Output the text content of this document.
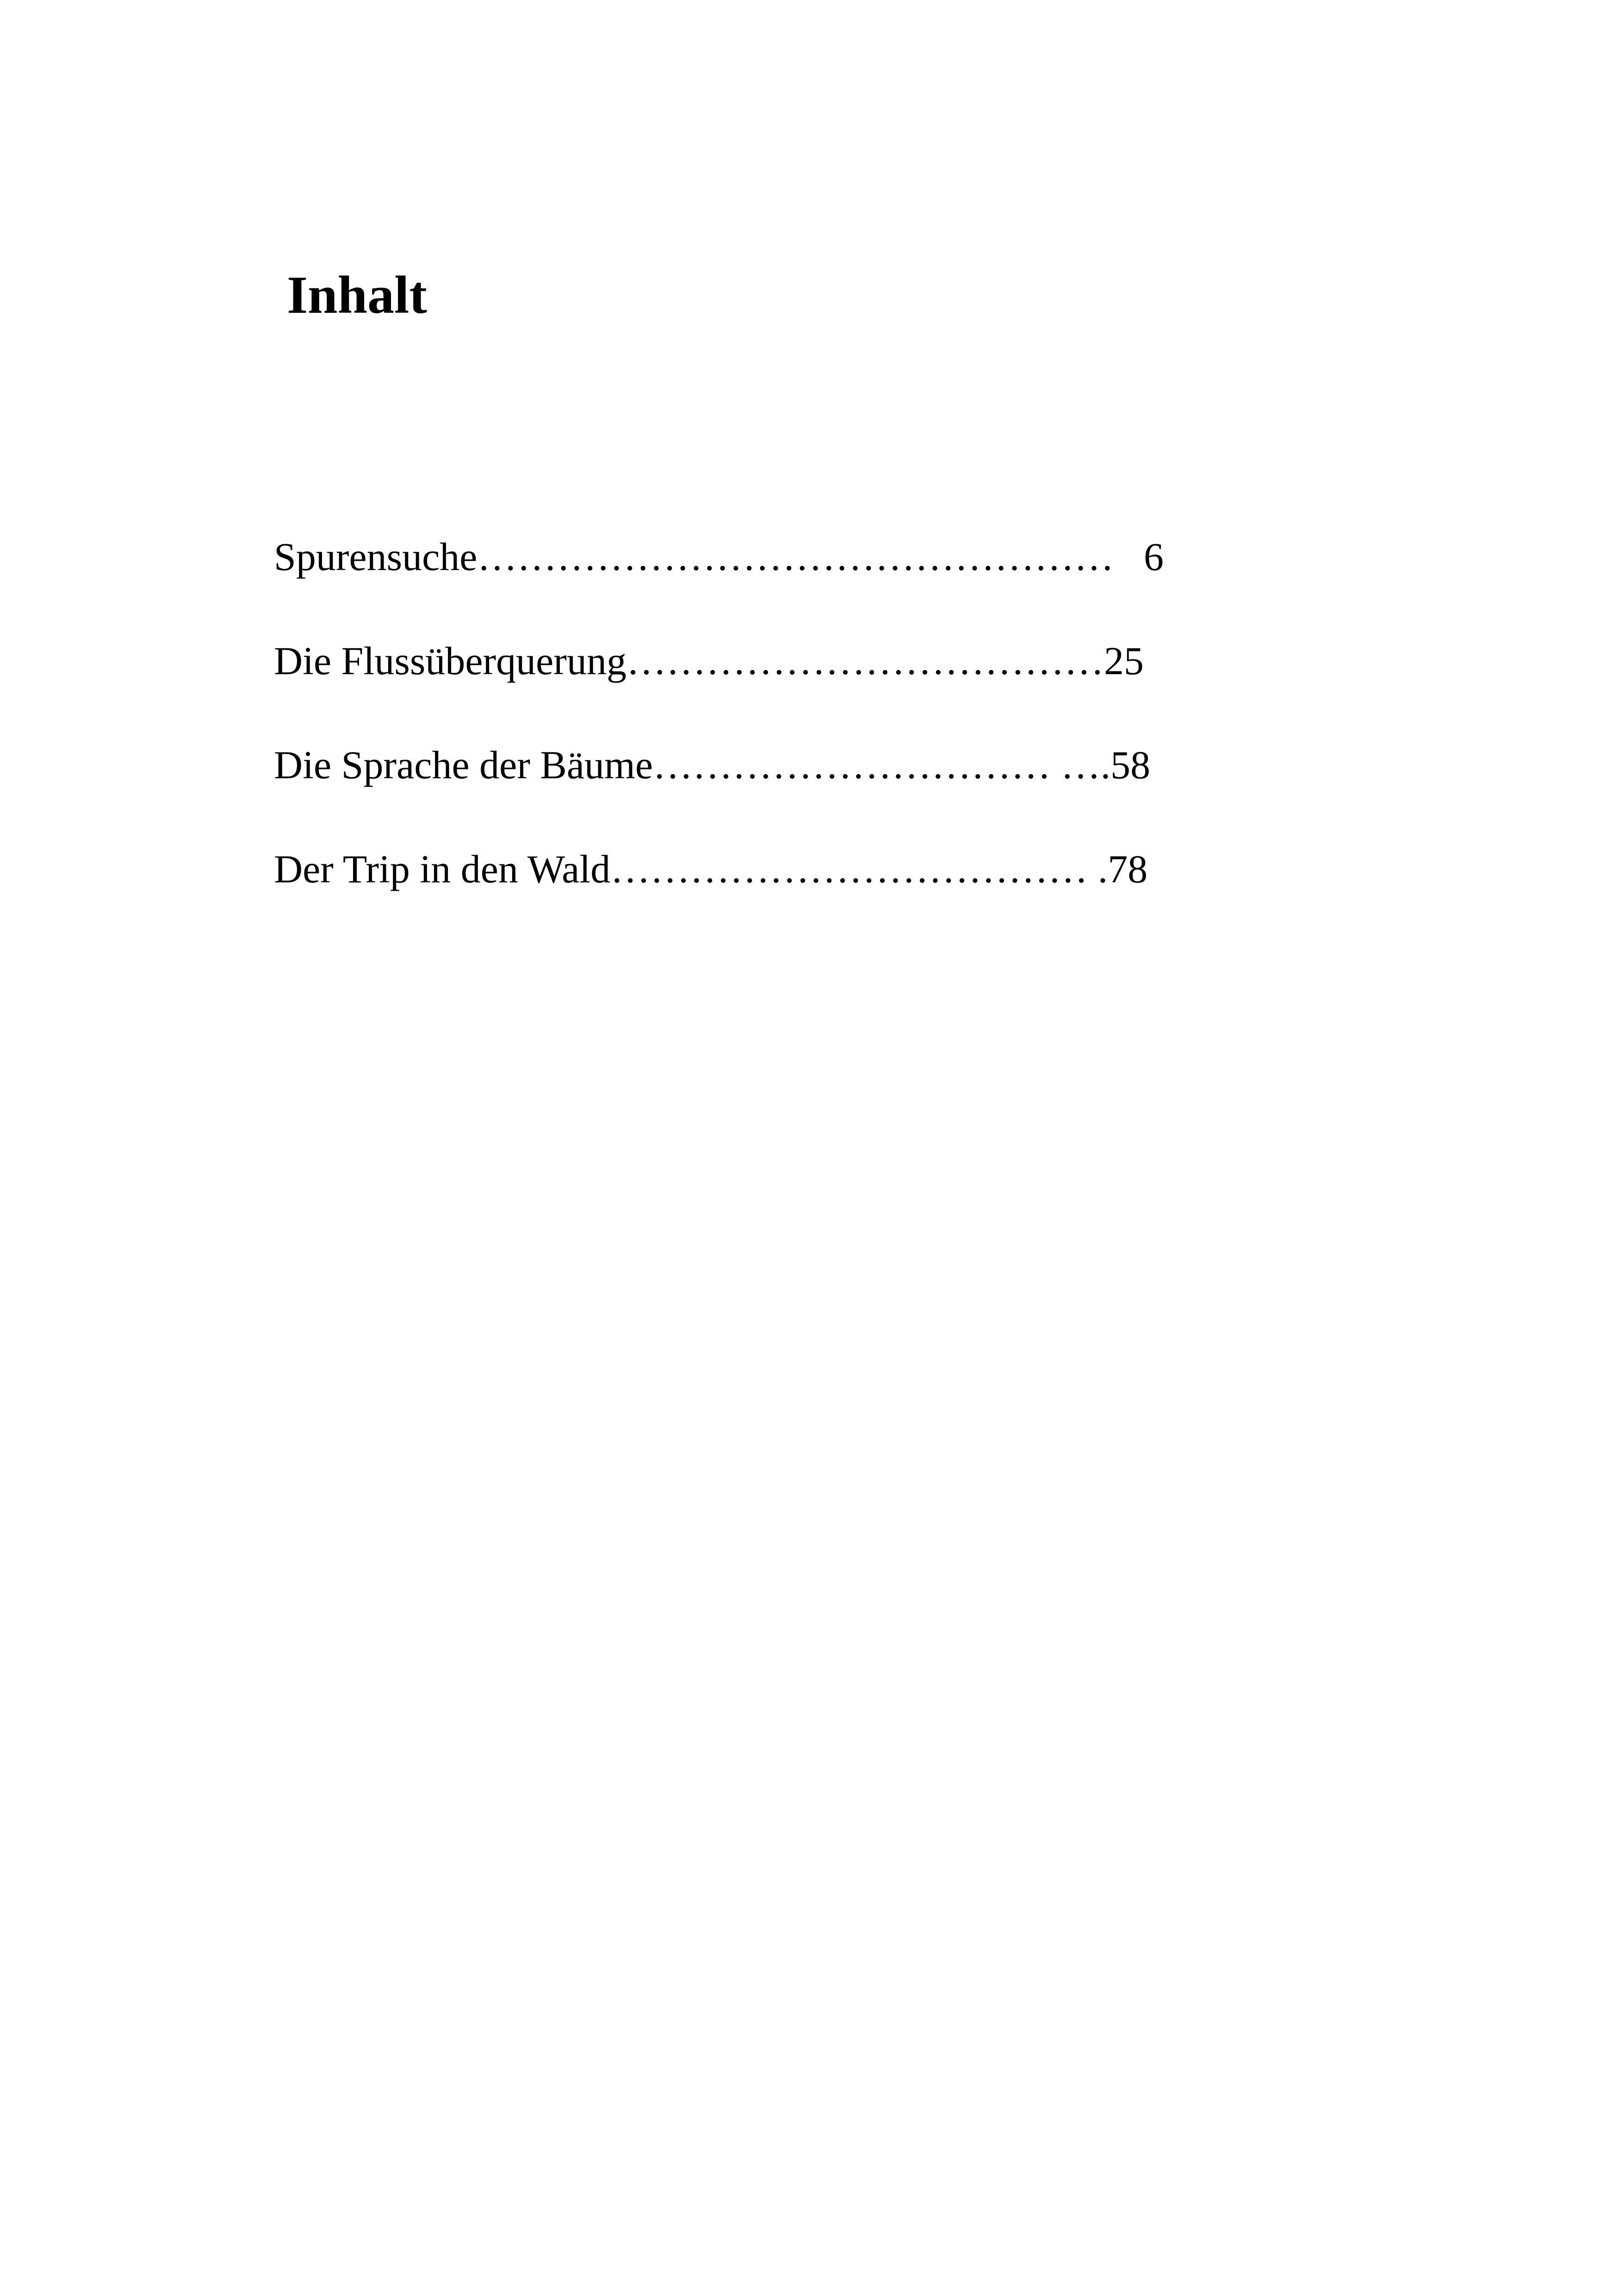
Inhalt
Spurensuche…………………………………………   6
Die Flussüberquerung………………………………25
Die Sprache der Bäume………………………… ….58
Der Trip in den Wald……………………………… .78
